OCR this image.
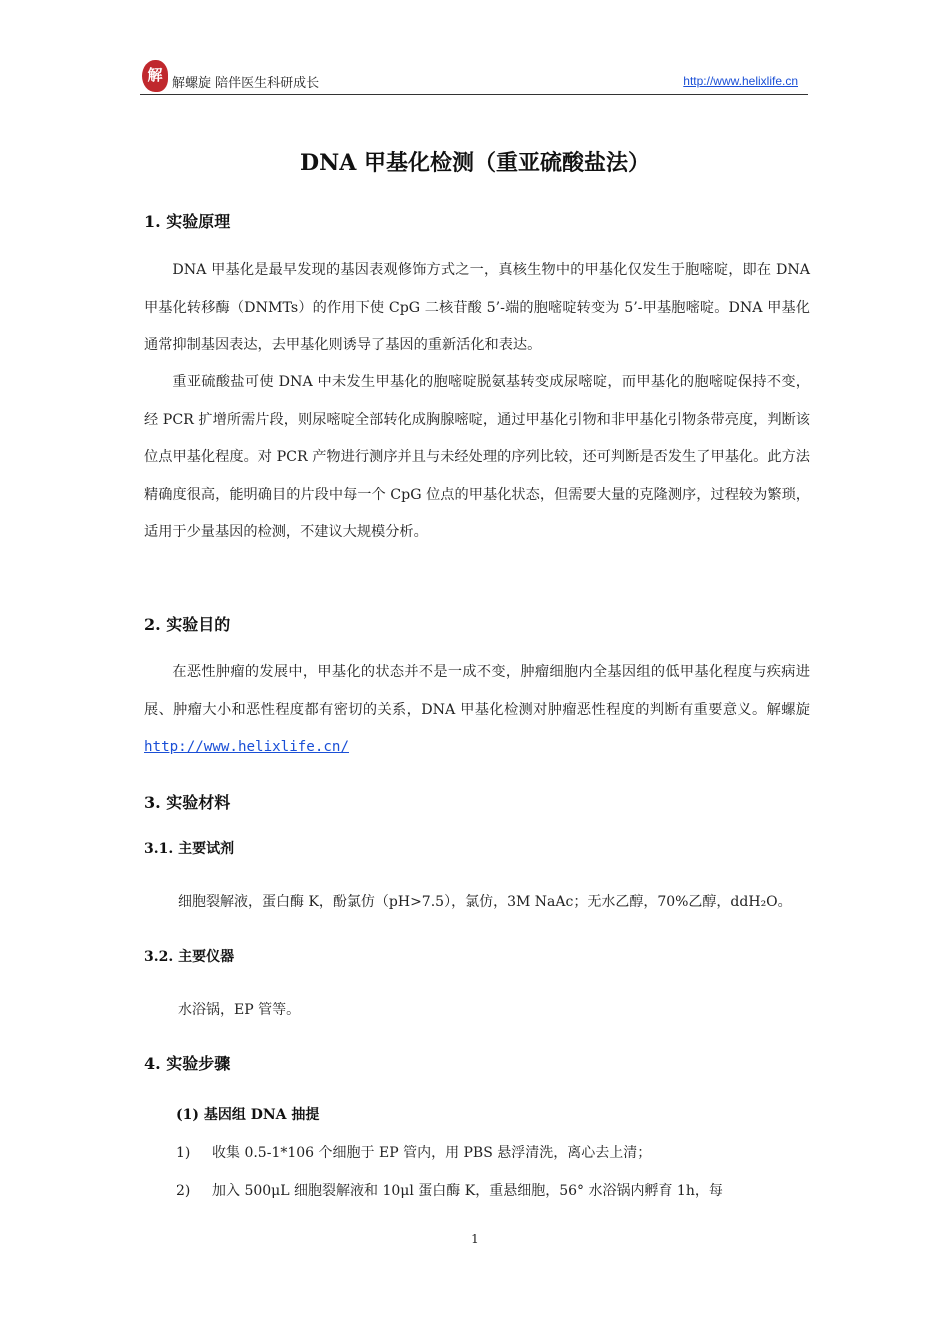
解 解螺旋 陪伴医生科研成长	http://www.helixlife.cn
DNA 甲基化检测（重亚硫酸盐法）
1. 实验原理

DNA 甲基化是最早发现的基因表观修饰方式之一，真核生物中的甲基化仅发生于胞嘧啶，即在 DNA 甲基化转移酶（DNMTs）的作用下使 CpG 二核苷酸 5’-端的胞嘧啶转变为 5’-甲基胞嘧啶。DNA 甲基化通常抑制基因表达，去甲基化则诱导了基因的重新活化和表达。

重亚硫酸盐可使 DNA 中未发生甲基化的胞嘧啶脱氨基转变成尿嘧啶，而甲基化的胞嘧啶保持不变，经 PCR 扩增所需片段，则尿嘧啶全部转化成胸腺嘧啶，通过甲基化引物和非甲基化引物条带亮度，判断该位点甲基化程度。对 PCR 产物进行测序并且与未经处理的序列比较，还可判断是否发生了甲基化。此方法精确度很高，能明确目的片段中每一个 CpG 位点的甲基化状态，但需要大量的克隆测序，过程较为繁琐，适用于少量基因的检测，不建议大规模分析。

2. 实验目的

在恶性肿瘤的发展中，甲基化的状态并不是一成不变，肿瘤细胞内全基因组的低甲基化程度与疾病进展、肿瘤大小和恶性程度都有密切的关系，DNA 甲基化检测对肿瘤恶性程度的判断有重要意义。解螺旋 http://www.helixlife.cn/

3. 实验材料
3.1. 主要试剂
细胞裂解液，蛋白酶 K，酚氯仿（pH>7.5），氯仿，3M NaAc；无水乙醇，70%乙醇，ddH₂O。
3.2. 主要仪器
水浴锅，EP 管等。
4. 实验步骤
(1) 基因组 DNA 抽提
1) 收集 0.5-1*106 个细胞于 EP 管内，用 PBS 悬浮清洗，离心去上清；
2) 加入 500μL 细胞裂解液和 10μl 蛋白酶 K，重悬细胞，56° 水浴锅内孵育 1h，每
1
